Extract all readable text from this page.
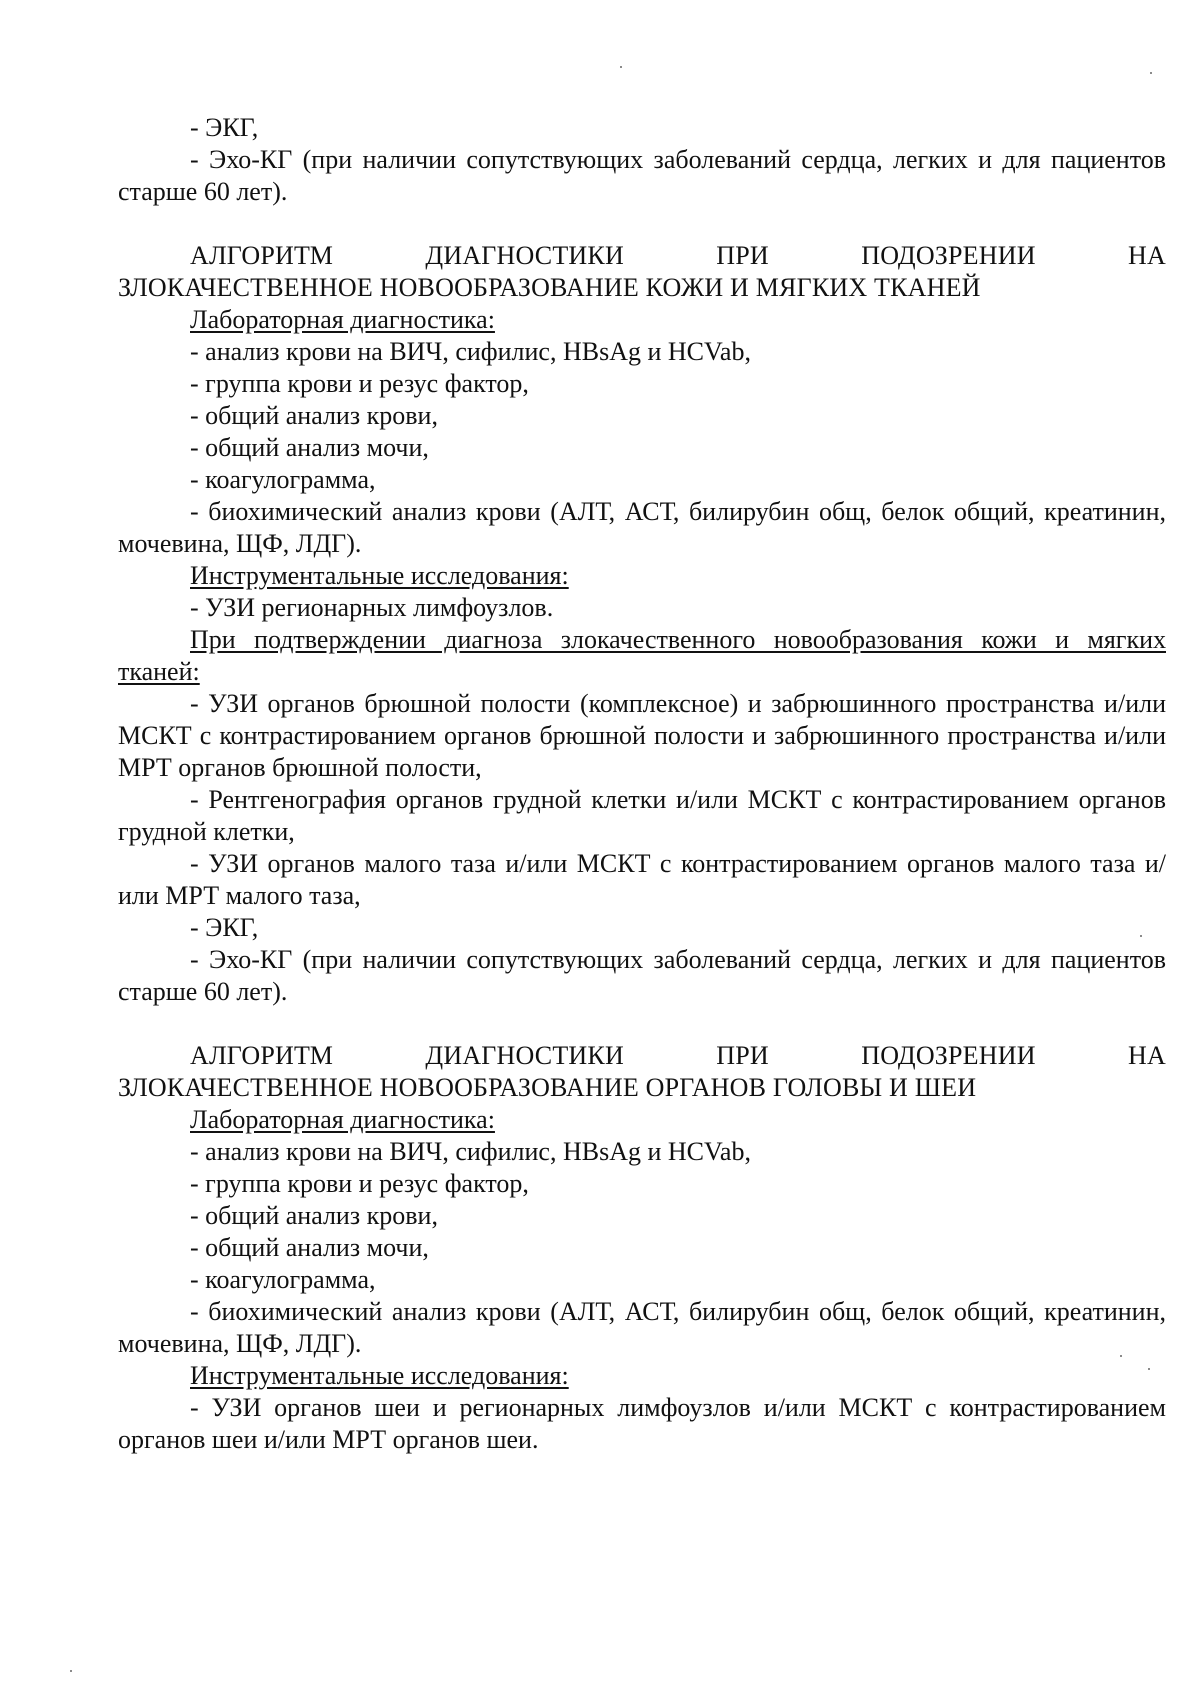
- ЭКГ,

- Эхо-КГ (при наличии сопутствующих заболеваний сердца, легких и для пациентов старше 60 лет).

АЛГОРИТМ ДИАГНОСТИКИ ПРИ ПОДОЗРЕНИИ НА

ЗЛОКАЧЕСТВЕННОЕ НОВООБРАЗОВАНИЕ КОЖИ И МЯГКИХ ТКАНЕЙ

Лабораторная диагностика:

- анализ крови на ВИЧ, сифилис, HBsAg и HCVab,

- группа крови и резус фактор,

- общий анализ крови,

- общий анализ мочи,

- коагулограмма,

- биохимический анализ крови (АЛТ, АСТ, билирубин общ, белок общий, креатинин, мочевина, ЩФ, ЛДГ).

Инструментальные исследования:

- УЗИ регионарных лимфоузлов.

При подтверждении диагноза злокачественного новообразования кожи и мягких тканей:

- УЗИ органов брюшной полости (комплексное) и забрюшинного пространства и/или МСКТ с контрастированием органов брюшной полости и забрюшинного пространства и/или МРТ органов брюшной полости,

- Рентгенография органов грудной клетки и/или МСКТ с контрастированием органов грудной клетки,

- УЗИ органов малого таза и/или МСКТ с контрастированием органов малого таза и/или МРТ малого таза,

- ЭКГ,

- Эхо-КГ (при наличии сопутствующих заболеваний сердца, легких и для пациентов старше 60 лет).

АЛГОРИТМ ДИАГНОСТИКИ ПРИ ПОДОЗРЕНИИ НА

ЗЛОКАЧЕСТВЕННОЕ НОВООБРАЗОВАНИЕ ОРГАНОВ ГОЛОВЫ И ШЕИ

Лабораторная диагностика:

- анализ крови на ВИЧ, сифилис, HBsAg и HCVab,

- группа крови и резус фактор,

- общий анализ крови,

- общий анализ мочи,

- коагулограмма,

- биохимический анализ крови (АЛТ, АСТ, билирубин общ, белок общий, креатинин, мочевина, ЩФ, ЛДГ).

Инструментальные исследования:

- УЗИ органов шеи и регионарных лимфоузлов и/или МСКТ с контрастированием органов шеи и/или МРТ органов шеи.
